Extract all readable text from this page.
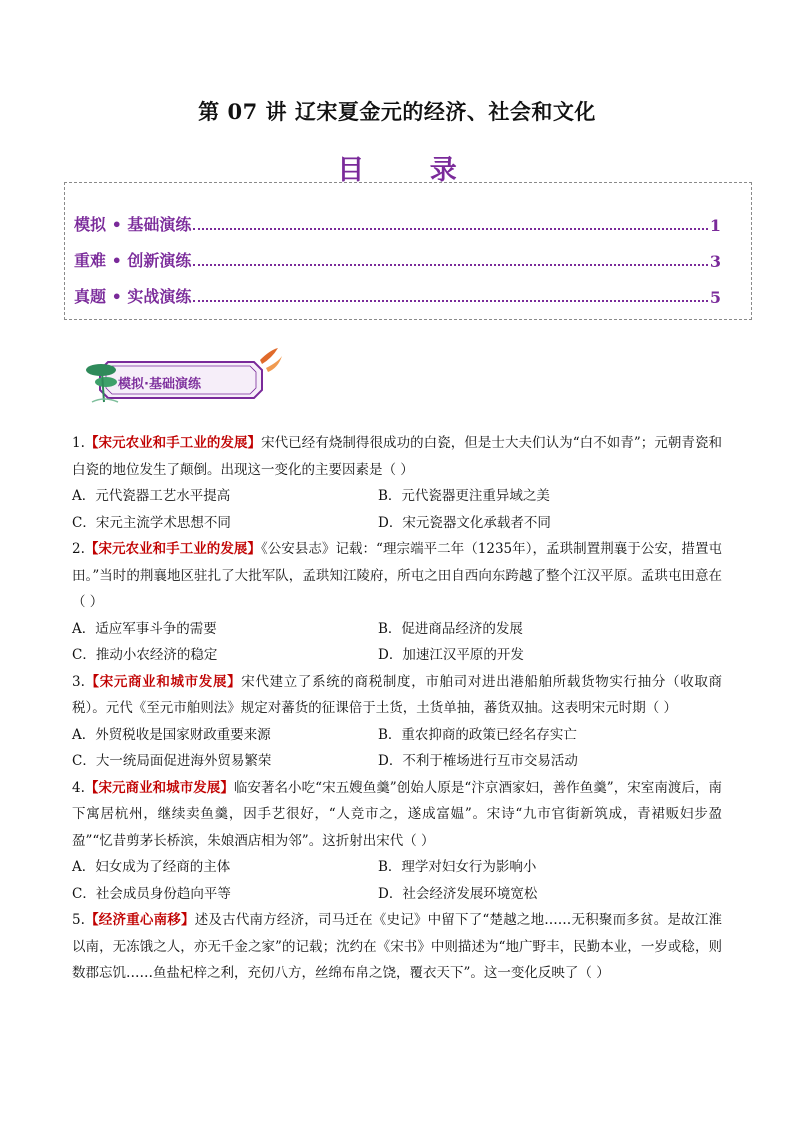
第 07 讲 辽宋夏金元的经济、社会和文化
目 录
模拟 • 基础演练	1
重难 • 创新演练	3
真题 • 实战演练	5
模拟·基础演练

1.【宋元农业和手工业的发展】宋代已经有烧制得很成功的白瓷，但是士大夫们认为“白不如青”；元朝青瓷和白瓷的地位发生了颠倒。出现这一变化的主要因素是（ ）

A．元代瓷器工艺水平提高	B．元代瓷器更注重异域之美
C．宋元主流学术思想不同	D．宋元瓷器文化承载者不同

2.【宋元农业和手工业的发展】《公安县志》记载：“理宗端平二年（1235年），孟珙制置荆襄于公安，措置屯田。”当时的荆襄地区驻扎了大批军队，孟珙知江陵府，所屯之田自西向东跨越了整个江汉平原。孟珙屯田意在 （ ）

A．适应军事斗争的需要	B．促进商品经济的发展
C．推动小农经济的稳定	D．加速江汉平原的开发

3.【宋元商业和城市发展】宋代建立了系统的商税制度，市舶司对进出港船舶所载货物实行抽分（收取商税）。元代《至元市舶则法》规定对蕃货的征课倍于土货，土货单抽，蕃货双抽。这表明宋元时期（ ）

A．外贸税收是国家财政重要来源	B．重农抑商的政策已经名存实亡
C．大一统局面促进海外贸易繁荣	D．不利于榷场进行互市交易活动

4.【宋元商业和城市发展】临安著名小吃“宋五嫂鱼羹”创始人原是“汴京酒家妇，善作鱼羹”，宋室南渡后，南下寓居杭州，继续卖鱼羹，因手艺很好，“人竞市之，遂成富媪”。宋诗“九市官街新筑成，青裙贩妇步盈盈”“忆昔剪茅长桥滨，朱娘酒店相为邻”。这折射出宋代（ ）

A．妇女成为了经商的主体	B．理学对妇女行为影响小
C．社会成员身份趋向平等	D．社会经济发展环境宽松

5.【经济重心南移】述及古代南方经济，司马迁在《史记》中留下了“楚越之地……无积聚而多贫。是故江淮以南，无冻饿之人，亦无千金之家”的记载；沈约在《宋书》中则描述为“地广野丰，民勤本业，一岁或稔，则数郡忘饥……鱼盐杞梓之利，充仞八方，丝绵布帛之饶，覆衣天下”。这一变化反映了（ ）
